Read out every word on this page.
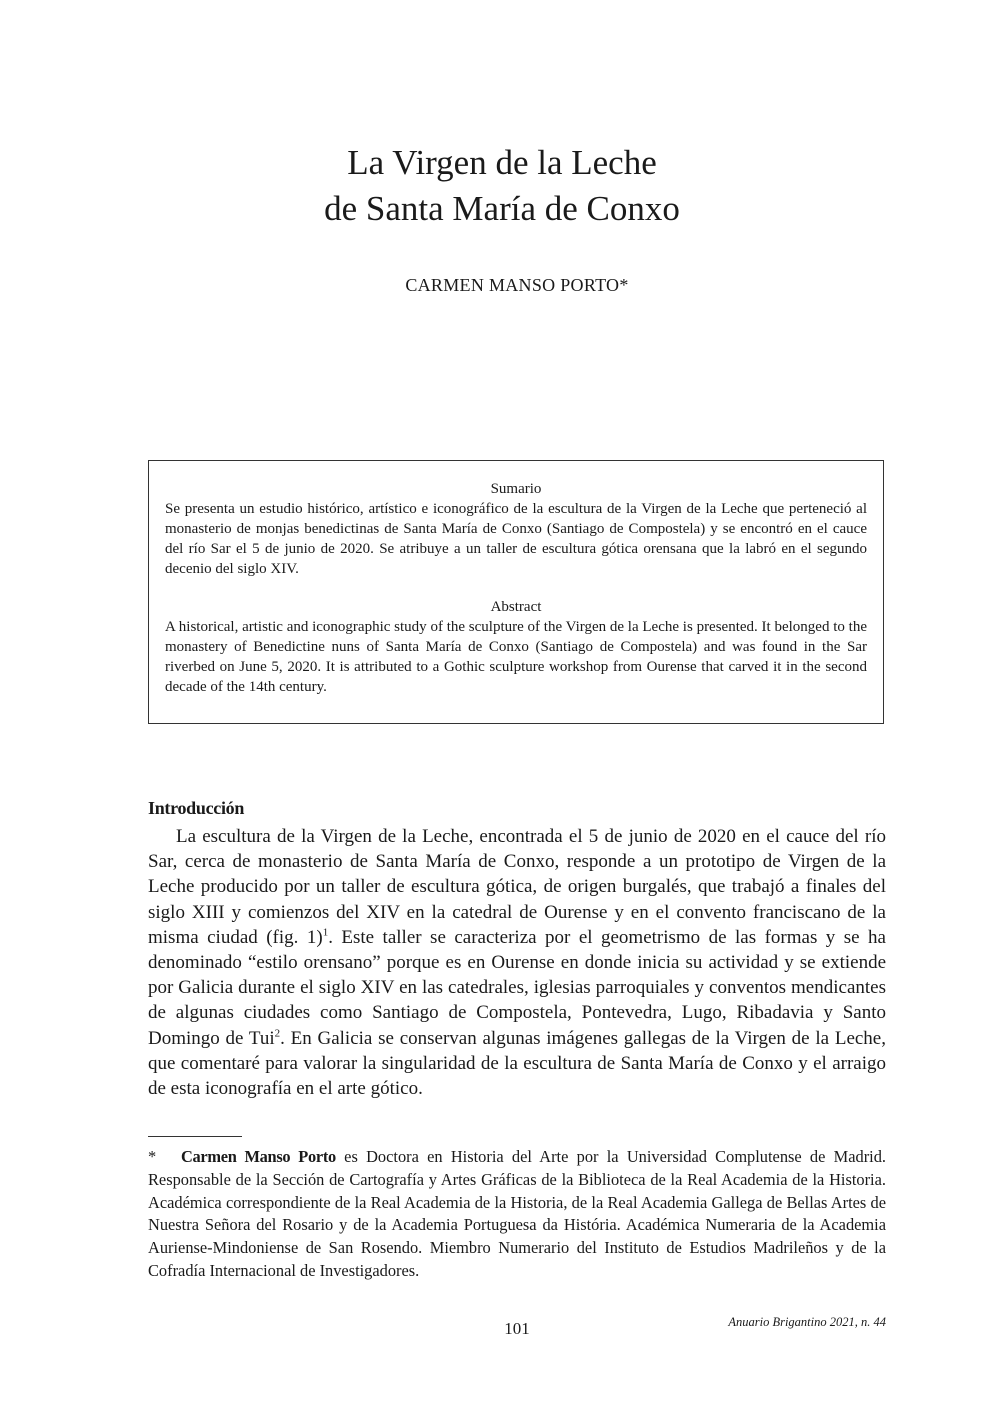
La Virgen de la Leche
de Santa María de Conxo
CARMEN MANSO PORTO*

Sumario

Se presenta un estudio histórico, artístico e iconográfico de la escultura de la Virgen de la Leche que perteneció al monasterio de monjas benedictinas de Santa María de Conxo (Santiago de Compostela) y se encontró en el cauce del río Sar el 5 de junio de 2020. Se atribuye a un taller de escultura gótica orensana que la labró en el segundo decenio del siglo XIV.

Abstract

A historical, artistic and iconographic study of the sculpture of the Virgen de la Leche is presented. It belonged to the monastery of Benedictine nuns of Santa María de Conxo (Santiago de Compostela) and was found in the Sar riverbed on June 5, 2020. It is attributed to a Gothic sculpture workshop from Ourense that carved it in the second decade of the 14th century.

Introducción

La escultura de la Virgen de la Leche, encontrada el 5 de junio de 2020 en el cauce del río Sar, cerca de monasterio de Santa María de Conxo, responde a un prototipo de Virgen de la Leche producido por un taller de escultura gótica, de origen burgalés, que trabajó a finales del siglo XIII y comienzos del XIV en la catedral de Ourense y en el convento franciscano de la misma ciudad (fig. 1)$^1$. Este taller se caracteriza por el geometrismo de las formas y se ha denominado “estilo orensano” porque es en Ourense en donde inicia su actividad y se extiende por Galicia durante el siglo XIV en las catedrales, iglesias parroquiales y conventos mendicantes de algunas ciudades como Santiago de Compostela, Pontevedra, Lugo, Ribadavia y Santo Domingo de Tui$^2$. En Galicia se conservan algunas imágenes gallegas de la Virgen de la Leche, que comentaré para valorar la singularidad de la escultura de Santa María de Conxo y el arraigo de esta iconografía en el arte gótico.

* Carmen Manso Porto es Doctora en Historia del Arte por la Universidad Complutense de Madrid. Responsable de la Sección de Cartografía y Artes Gráficas de la Biblioteca de la Real Academia de la Historia. Académica correspondiente de la Real Academia de la Historia, de la Real Academia Gallega de Bellas Artes de Nuestra Señora del Rosario y de la Academia Portuguesa da História. Académica Numeraria de la Academia Auriense-Mindoniense de San Rosendo. Miembro Numerario del Instituto de Estudios Madrileños y de la Cofradía Internacional de Investigadores.

101	Anuario Brigantino 2021, n. 44
